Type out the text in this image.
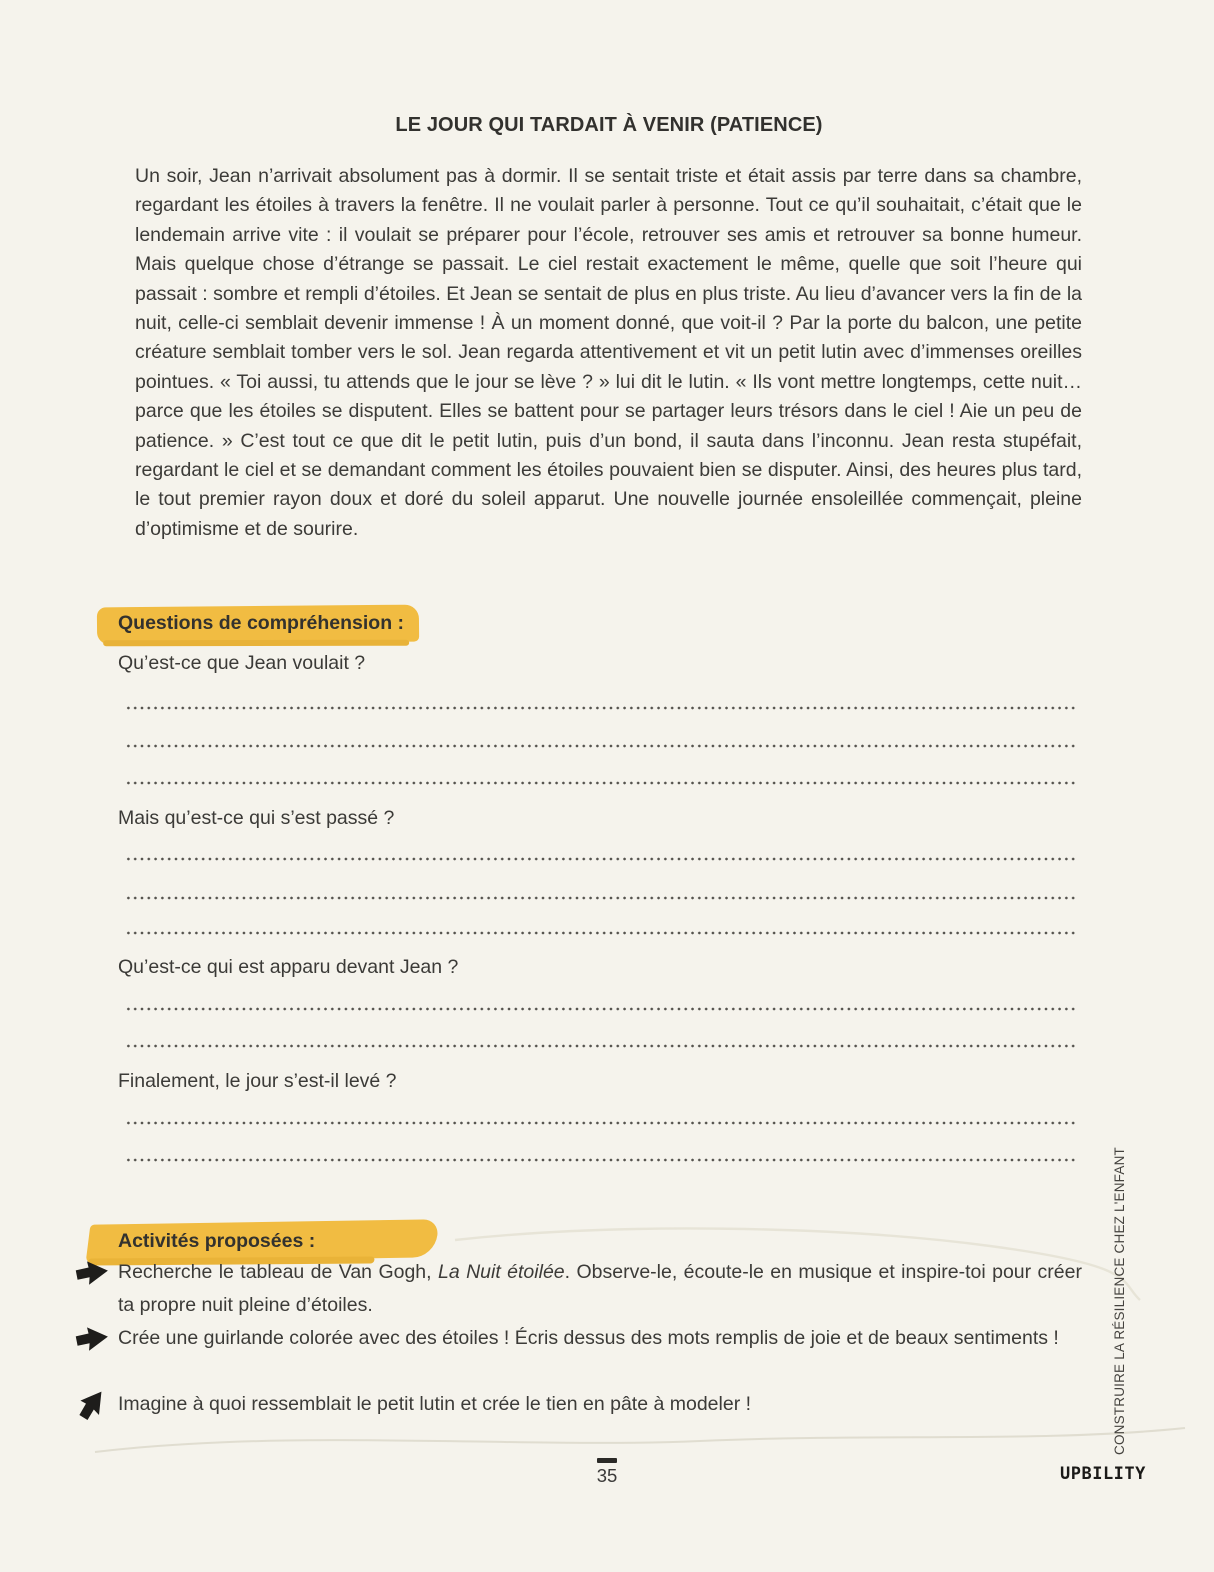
LE JOUR QUI TARDAIT À VENIR (PATIENCE)

Un soir, Jean n’arrivait absolument pas à dormir. Il se sentait triste et était assis par terre dans sa chambre, regardant les étoiles à travers la fenêtre. Il ne voulait parler à personne. Tout ce qu’il souhaitait, c’était que le lendemain arrive vite : il voulait se préparer pour l’école, retrouver ses amis et retrouver sa bonne humeur. Mais quelque chose d’étrange se passait. Le ciel restait exactement le même, quelle que soit l’heure qui passait : sombre et rempli d’étoiles. Et Jean se sentait de plus en plus triste. Au lieu d’avancer vers la fin de la nuit, celle-ci semblait devenir immense ! À un moment donné, que voit-il ? Par la porte du balcon, une petite créature semblait tomber vers le sol. Jean regarda attentivement et vit un petit lutin avec d’immenses oreilles pointues. « Toi aussi, tu attends que le jour se lève ? » lui dit le lutin. « Ils vont mettre longtemps, cette nuit… parce que les étoiles se disputent. Elles se battent pour se partager leurs trésors dans le ciel ! Aie un peu de patience. » C’est tout ce que dit le petit lutin, puis d’un bond, il sauta dans l’inconnu. Jean resta stupéfait, regardant le ciel et se demandant comment les étoiles pouvaient bien se disputer. Ainsi, des heures plus tard, le tout premier rayon doux et doré du soleil apparut. Une nouvelle journée ensoleillée commençait, pleine d’optimisme et de sourire.

Questions de compréhension :
Qu’est-ce que Jean voulait ?
Mais qu’est-ce qui s’est passé ?
Qu’est-ce qui est apparu devant Jean ?
Finalement, le jour s’est-il levé ?
Activités proposées :
Recherche le tableau de Van Gogh, La Nuit étoilée. Observe-le, écoute-le en musique et inspire-toi pour créer ta propre nuit pleine d’étoiles.
Crée une guirlande colorée avec des étoiles ! Écris dessus des mots remplis de joie et de beaux sentiments !
Imagine à quoi ressemblait le petit lutin et crée le tien en pâte à modeler !	CONSTRUIRE LA RÉSILIENCE CHEZ L'ENFANT
35	UPBILITY
